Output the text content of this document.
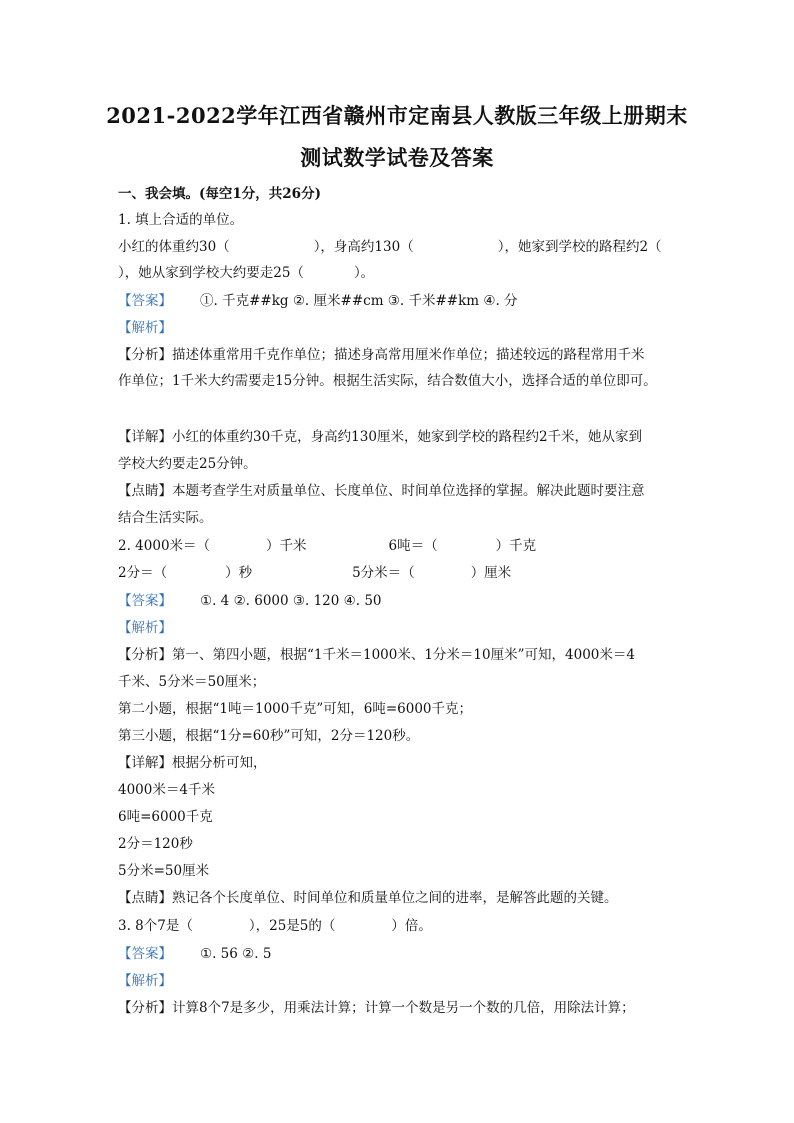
2021-2022学年江西省赣州市定南县人教版三年级上册期末
测试数学试卷及答案
一、我会填。(每空1分，共26分)
1. 填上合适的单位。
小红的体重约30（	），身高约130（	），她家到学校的路程约2（
），她从家到学校大约要走25（	）。
【答案】 ①. 千克##kg ②. 厘米##cm ③. 千米##km ④. 分
【解析】
【分析】描述体重常用千克作单位；描述身高常用厘米作单位；描述较远的路程常用千米
作单位；1千米大约需要走15分钟。根据生活实际，结合数值大小，选择合适的单位即可。
【详解】小红的体重约30千克，身高约130厘米，她家到学校的路程约2千米，她从家到
学校大约要走25分钟。
【点睛】本题考查学生对质量单位、长度单位、时间单位选择的掌握。解决此题时要注意
结合生活实际。
2. 4000米＝（	）千米	6吨＝（	）千克
2分＝（	）秒	5分米＝（	）厘米
【答案】 ①. 4 ②. 6000 ③. 120 ④. 50
【解析】
【分析】第一、第四小题，根据“1千米＝1000米、1分米＝10厘米”可知，4000米＝4
千米、5分米＝50厘米；
第二小题，根据“1吨＝1000千克”可知，6吨=6000千克；
第三小题，根据“1分=60秒”可知，2分＝120秒。
【详解】根据分析可知，
4000米＝4千米
6吨=6000千克
2分＝120秒
5分米=50厘米
【点睛】熟记各个长度单位、时间单位和质量单位之间的进率，是解答此题的关键。
3. 8个7是（	），25是5的（	）倍。
【答案】 ①. 56 ②. 5
【解析】
【分析】计算8个7是多少，用乘法计算；计算一个数是另一个数的几倍，用除法计算；
